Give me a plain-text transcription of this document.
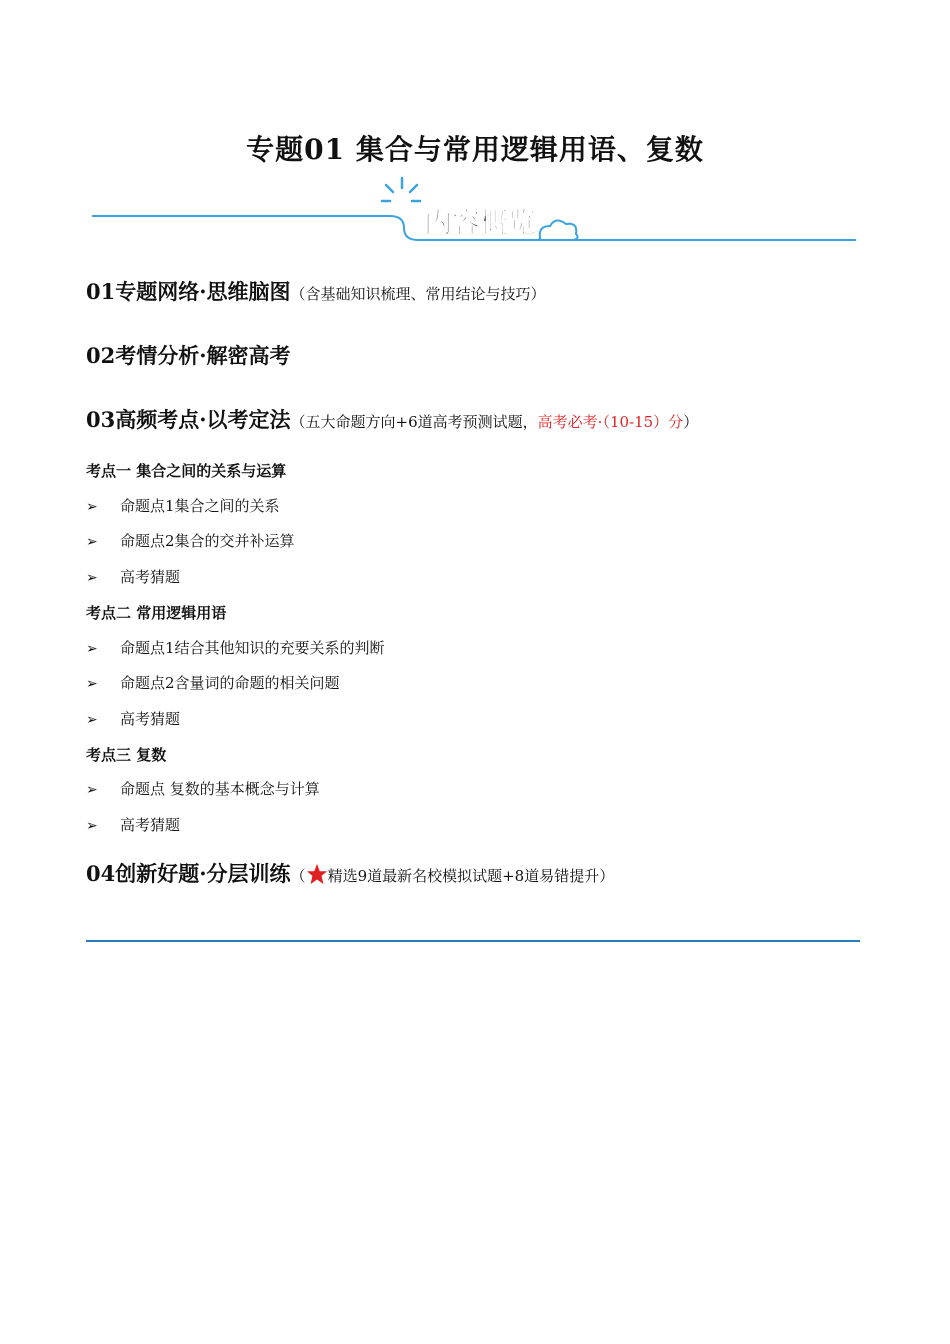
专题01 集合与常用逻辑用语、复数
内容概览
01专题网络·思维脑图（含基础知识梳理、常用结论与技巧）
02考情分析·解密高考
03高频考点·以考定法（五大命题方向+6道高考预测试题，高考必考·（10-15）分）
考点一 集合之间的关系与运算
➢ 命题点1集合之间的关系
➢ 命题点2集合的交并补运算
➢ 高考猜题
考点二 常用逻辑用语
➢ 命题点1结合其他知识的充要关系的判断
➢ 命题点2含量词的命题的相关问题
➢ 高考猜题
考点三 复数
➢ 命题点 复数的基本概念与计算
➢ 高考猜题
04创新好题·分层训练（ 精选9道最新名校模拟试题+8道易错提升）
